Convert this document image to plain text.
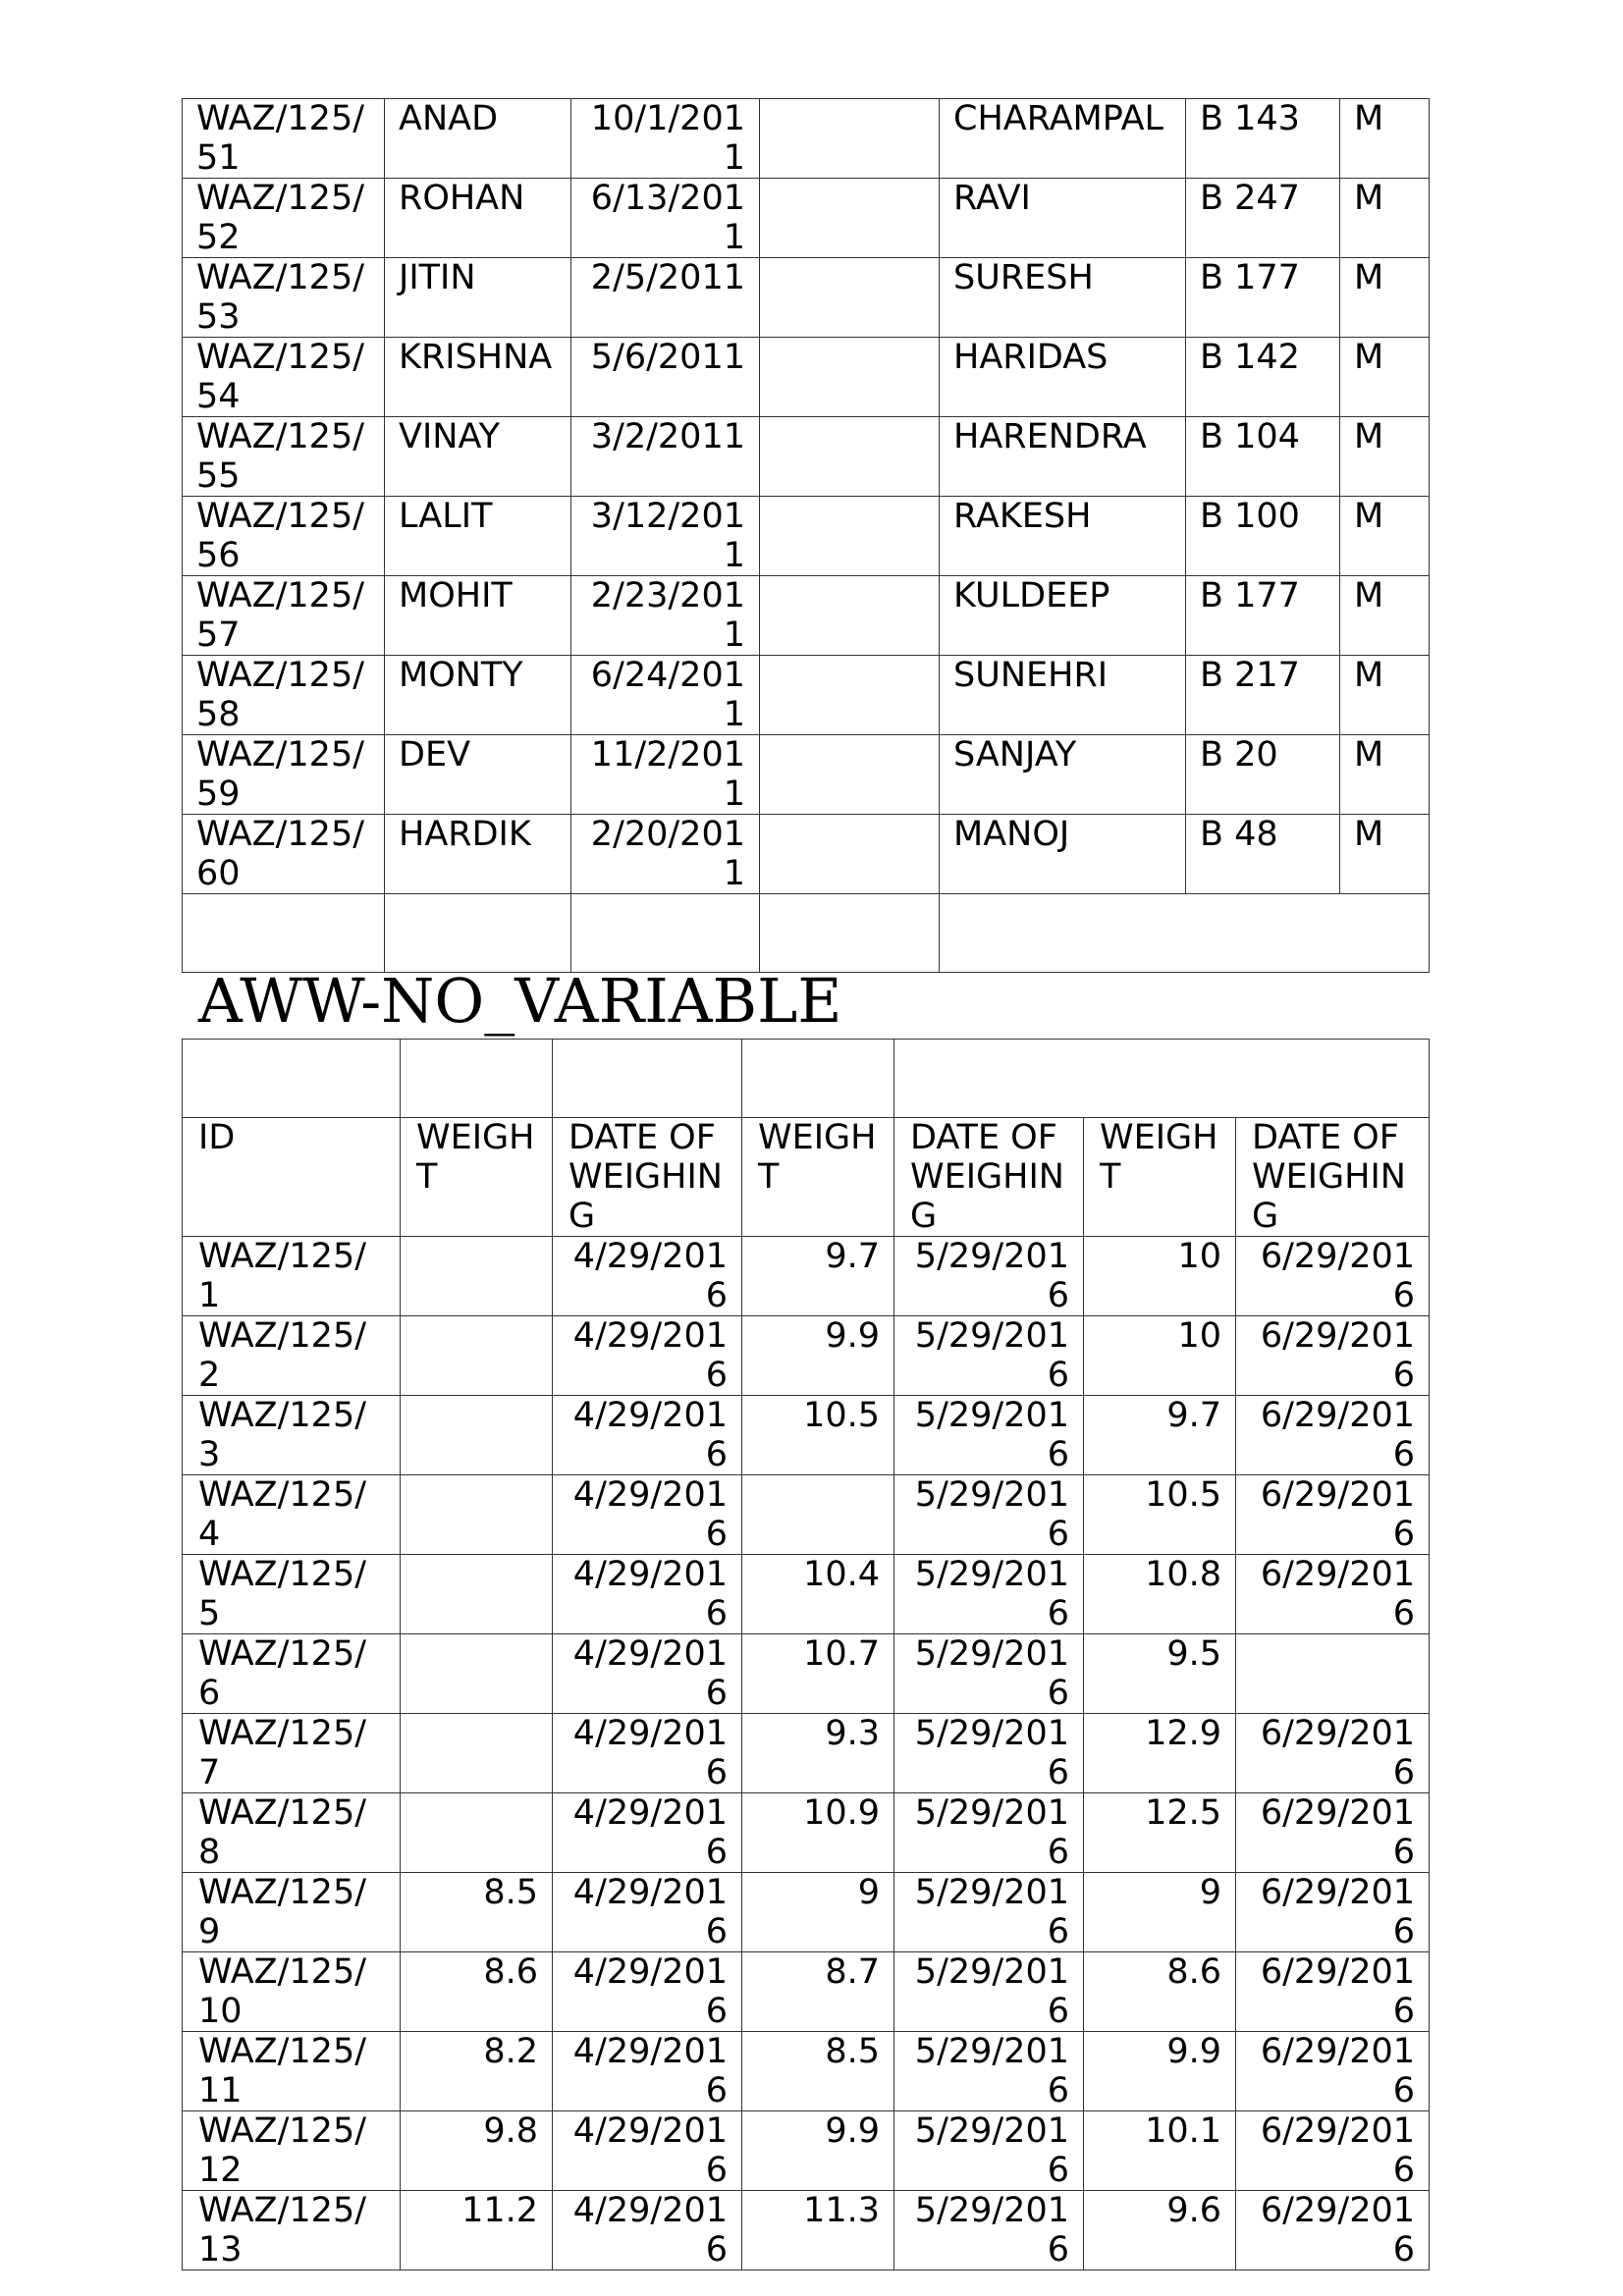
WAZ/125/51	ANAD	10/1/2011		CHARAMPAL	B 143	M
WAZ/125/52	ROHAN	6/13/2011		RAVI	B 247	M
WAZ/125/53	JITIN	2/5/2011		SURESH	B 177	M
WAZ/125/54	KRISHNA	5/6/2011		HARIDAS	B 142	M
WAZ/125/55	VINAY	3/2/2011		HARENDRA	B 104	M
WAZ/125/56	LALIT	3/12/2011		RAKESH	B 100	M
WAZ/125/57	MOHIT	2/23/2011		KULDEEP	B 177	M
WAZ/125/58	MONTY	6/24/2011		SUNEHRI	B 217	M
WAZ/125/59	DEV	11/2/2011		SANJAY	B 20	M
WAZ/125/60	HARDIK	2/20/2011		MANOJ	B 48	M

AWW-NO_VARIABLE

ID	WEIGHT	DATE OF WEIGHING	WEIGHT	DATE OF WEIGHING	WEIGHT	DATE OF WEIGHING
WAZ/125/1		4/29/2016	9.7	5/29/2016	10	6/29/2016
WAZ/125/2		4/29/2016	9.9	5/29/2016	10	6/29/2016
WAZ/125/3		4/29/2016	10.5	5/29/2016	9.7	6/29/2016
WAZ/125/4		4/29/2016		5/29/2016	10.5	6/29/2016
WAZ/125/5		4/29/2016	10.4	5/29/2016	10.8	6/29/2016
WAZ/125/6		4/29/2016	10.7	5/29/2016	9.5	
WAZ/125/7		4/29/2016	9.3	5/29/2016	12.9	6/29/2016
WAZ/125/8		4/29/2016	10.9	5/29/2016	12.5	6/29/2016
WAZ/125/9	8.5	4/29/2016	9	5/29/2016	9	6/29/2016
WAZ/125/10	8.6	4/29/2016	8.7	5/29/2016	8.6	6/29/2016
WAZ/125/11	8.2	4/29/2016	8.5	5/29/2016	9.9	6/29/2016
WAZ/125/12	9.8	4/29/2016	9.9	5/29/2016	10.1	6/29/2016
WAZ/125/13	11.2	4/29/2016	11.3	5/29/2016	9.6	6/29/2016
